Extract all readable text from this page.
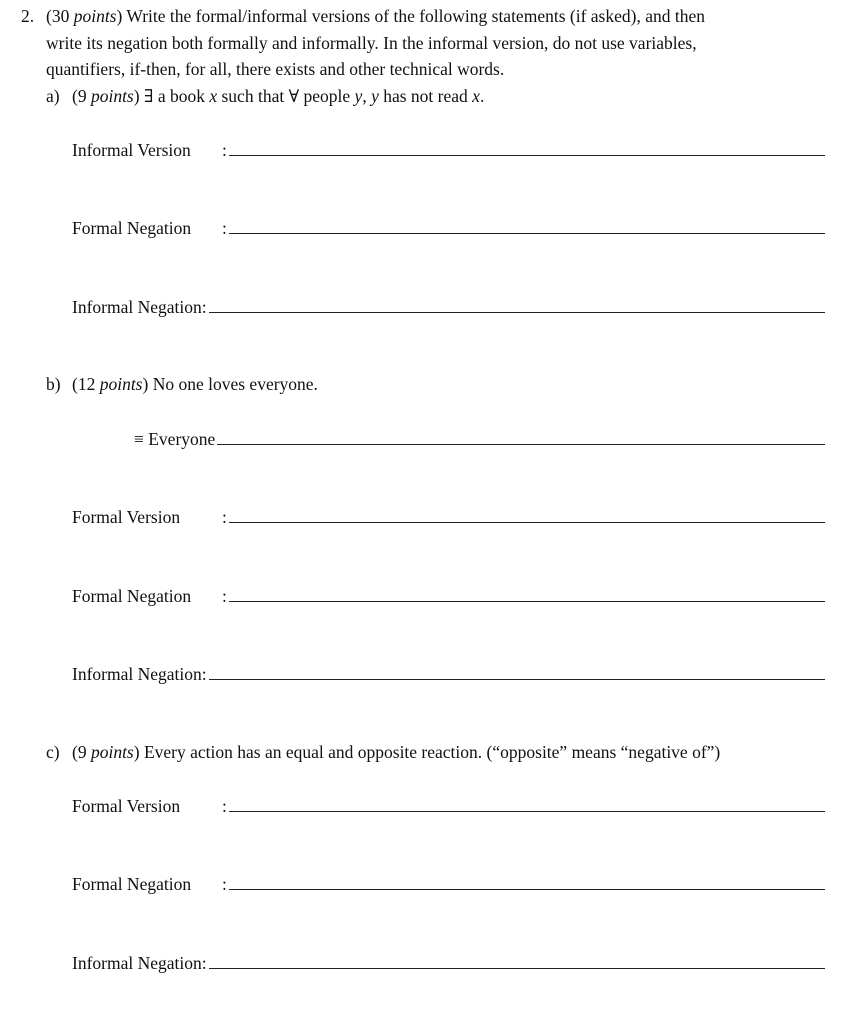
2. (30 points) Write the formal/informal versions of the following statements (if asked), and then
write its negation both formally and informally. In the informal version, do not use variables,
quantifiers, if-then, for all, there exists and other technical words.
a) (9 points) ∃ a book x such that ∀ people y, y has not read x.
Informal Version	:
Formal Negation	:
Informal Negation:
b) (12 points) No one loves everyone.
≡ Everyone
Formal Version	:
Formal Negation	:
Informal Negation:
c) (9 points) Every action has an equal and opposite reaction. (“opposite” means “negative of”)
Formal Version	:
Formal Negation	:
Informal Negation:
